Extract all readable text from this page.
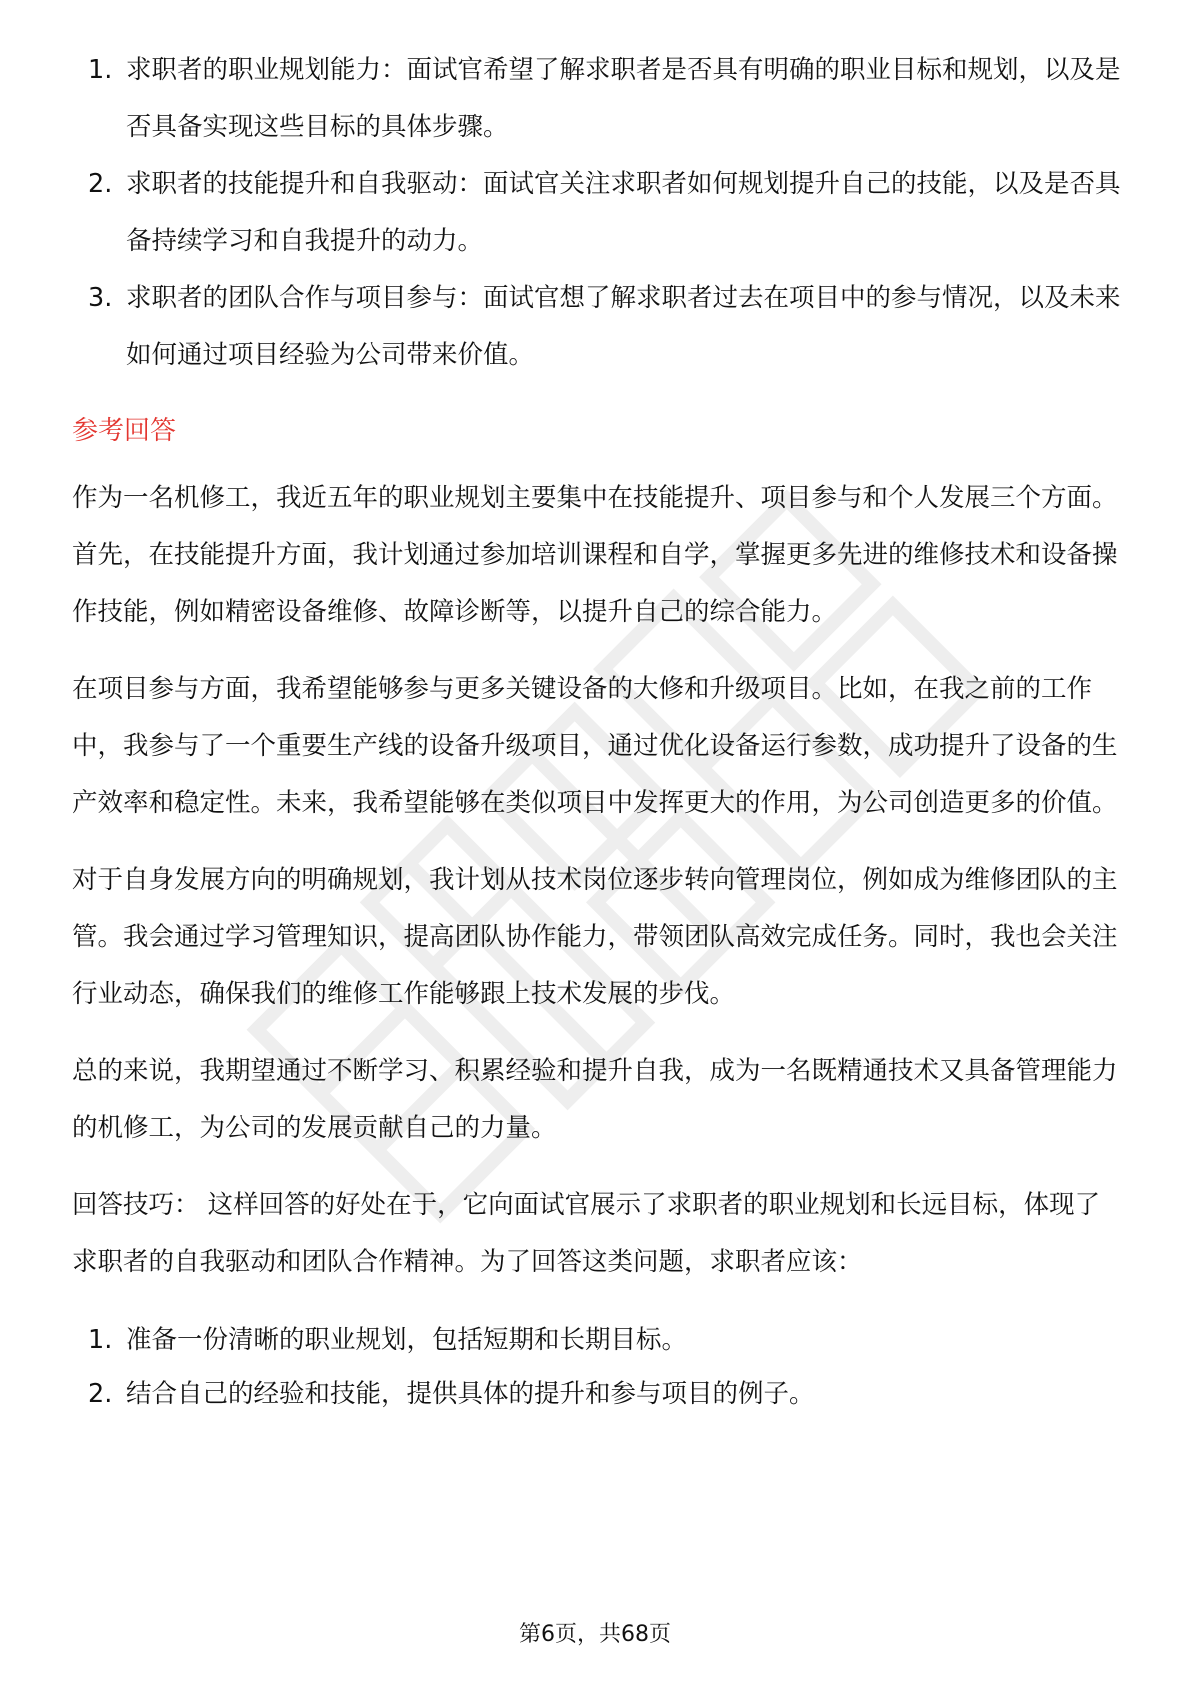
1. 求职者的职业规划能力：面试官希望了解求职者是否具有明确的职业目标和规划，以及是否具备实现这些目标的具体步骤。
2. 求职者的技能提升和自我驱动：面试官关注求职者如何规划提升自己的技能，以及是否具备持续学习和自我提升的动力。
3. 求职者的团队合作与项目参与：面试官想了解求职者过去在项目中的参与情况，以及未来如何通过项目经验为公司带来价值。
参考回答

作为一名机修工，我近五年的职业规划主要集中在技能提升、项目参与和个人发展三个方面。首先，在技能提升方面，我计划通过参加培训课程和自学，掌握更多先进的维修技术和设备操作技能，例如精密设备维修、故障诊断等，以提升自己的综合能力。

在项目参与方面，我希望能够参与更多关键设备的大修和升级项目。比如，在我之前的工作中，我参与了一个重要生产线的设备升级项目，通过优化设备运行参数，成功提升了设备的生产效率和稳定性。未来，我希望能够在类似项目中发挥更大的作用，为公司创造更多的价值。

对于自身发展方向的明确规划，我计划从技术岗位逐步转向管理岗位，例如成为维修团队的主管。我会通过学习管理知识，提高团队协作能力，带领团队高效完成任务。同时，我也会关注行业动态，确保我们的维修工作能够跟上技术发展的步伐。

总的来说，我期望通过不断学习、积累经验和提升自我，成为一名既精通技术又具备管理能力的机修工，为公司的发展贡献自己的力量。

回答技巧： 这样回答的好处在于，它向面试官展示了求职者的职业规划和长远目标，体现了求职者的自我驱动和团队合作精神。为了回答这类问题，求职者应该：

1. 准备一份清晰的职业规划，包括短期和长期目标。
2. 结合自己的经验和技能，提供具体的提升和参与项目的例子。
第6页，共68页
